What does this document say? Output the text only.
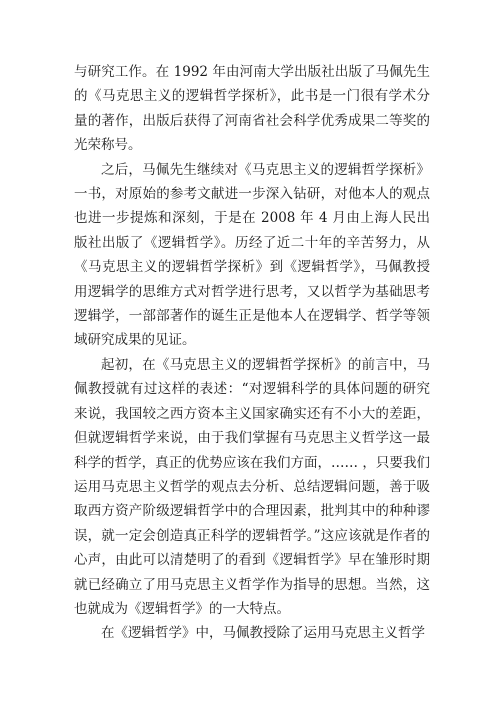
与研究工作。在 1992 年由河南大学出版社出版了马佩先生的《马克思主义的逻辑哲学探析》，此书是一门很有学术分量的著作，出版后获得了河南省社会科学优秀成果二等奖的光荣称号。

之后，马佩先生继续对《马克思主义的逻辑哲学探析》一书，对原始的参考文献进一步深入钻研，对他本人的观点也进一步提炼和深刻，于是在 2008 年 4 月由上海人民出版社出版了《逻辑哲学》。历经了近二十年的辛苦努力，从《马克思主义的逻辑哲学探析》到《逻辑哲学》，马佩教授用逻辑学的思维方式对哲学进行思考，又以哲学为基础思考逻辑学，一部部著作的诞生正是他本人在逻辑学、哲学等领域研究成果的见证。

起初，在《马克思主义的逻辑哲学探析》的前言中，马佩教授就有过这样的表述：“对逻辑科学的具体问题的研究来说，我国较之西方资本主义国家确实还有不小大的差距，但就逻辑哲学来说，由于我们掌握有马克思主义哲学这一最科学的哲学，真正的优势应该在我们方面，…… ，只要我们运用马克思主义哲学的观点去分析、总结逻辑问题，善于吸取西方资产阶级逻辑哲学中的合理因素，批判其中的种种谬误，就一定会创造真正科学的逻辑哲学。”这应该就是作者的心声，由此可以清楚明了的看到《逻辑哲学》早在雏形时期就已经确立了用马克思主义哲学作为指导的思想。当然，这也就成为《逻辑哲学》的一大特点。

在《逻辑哲学》中，马佩教授除了运用马克思主义哲学
